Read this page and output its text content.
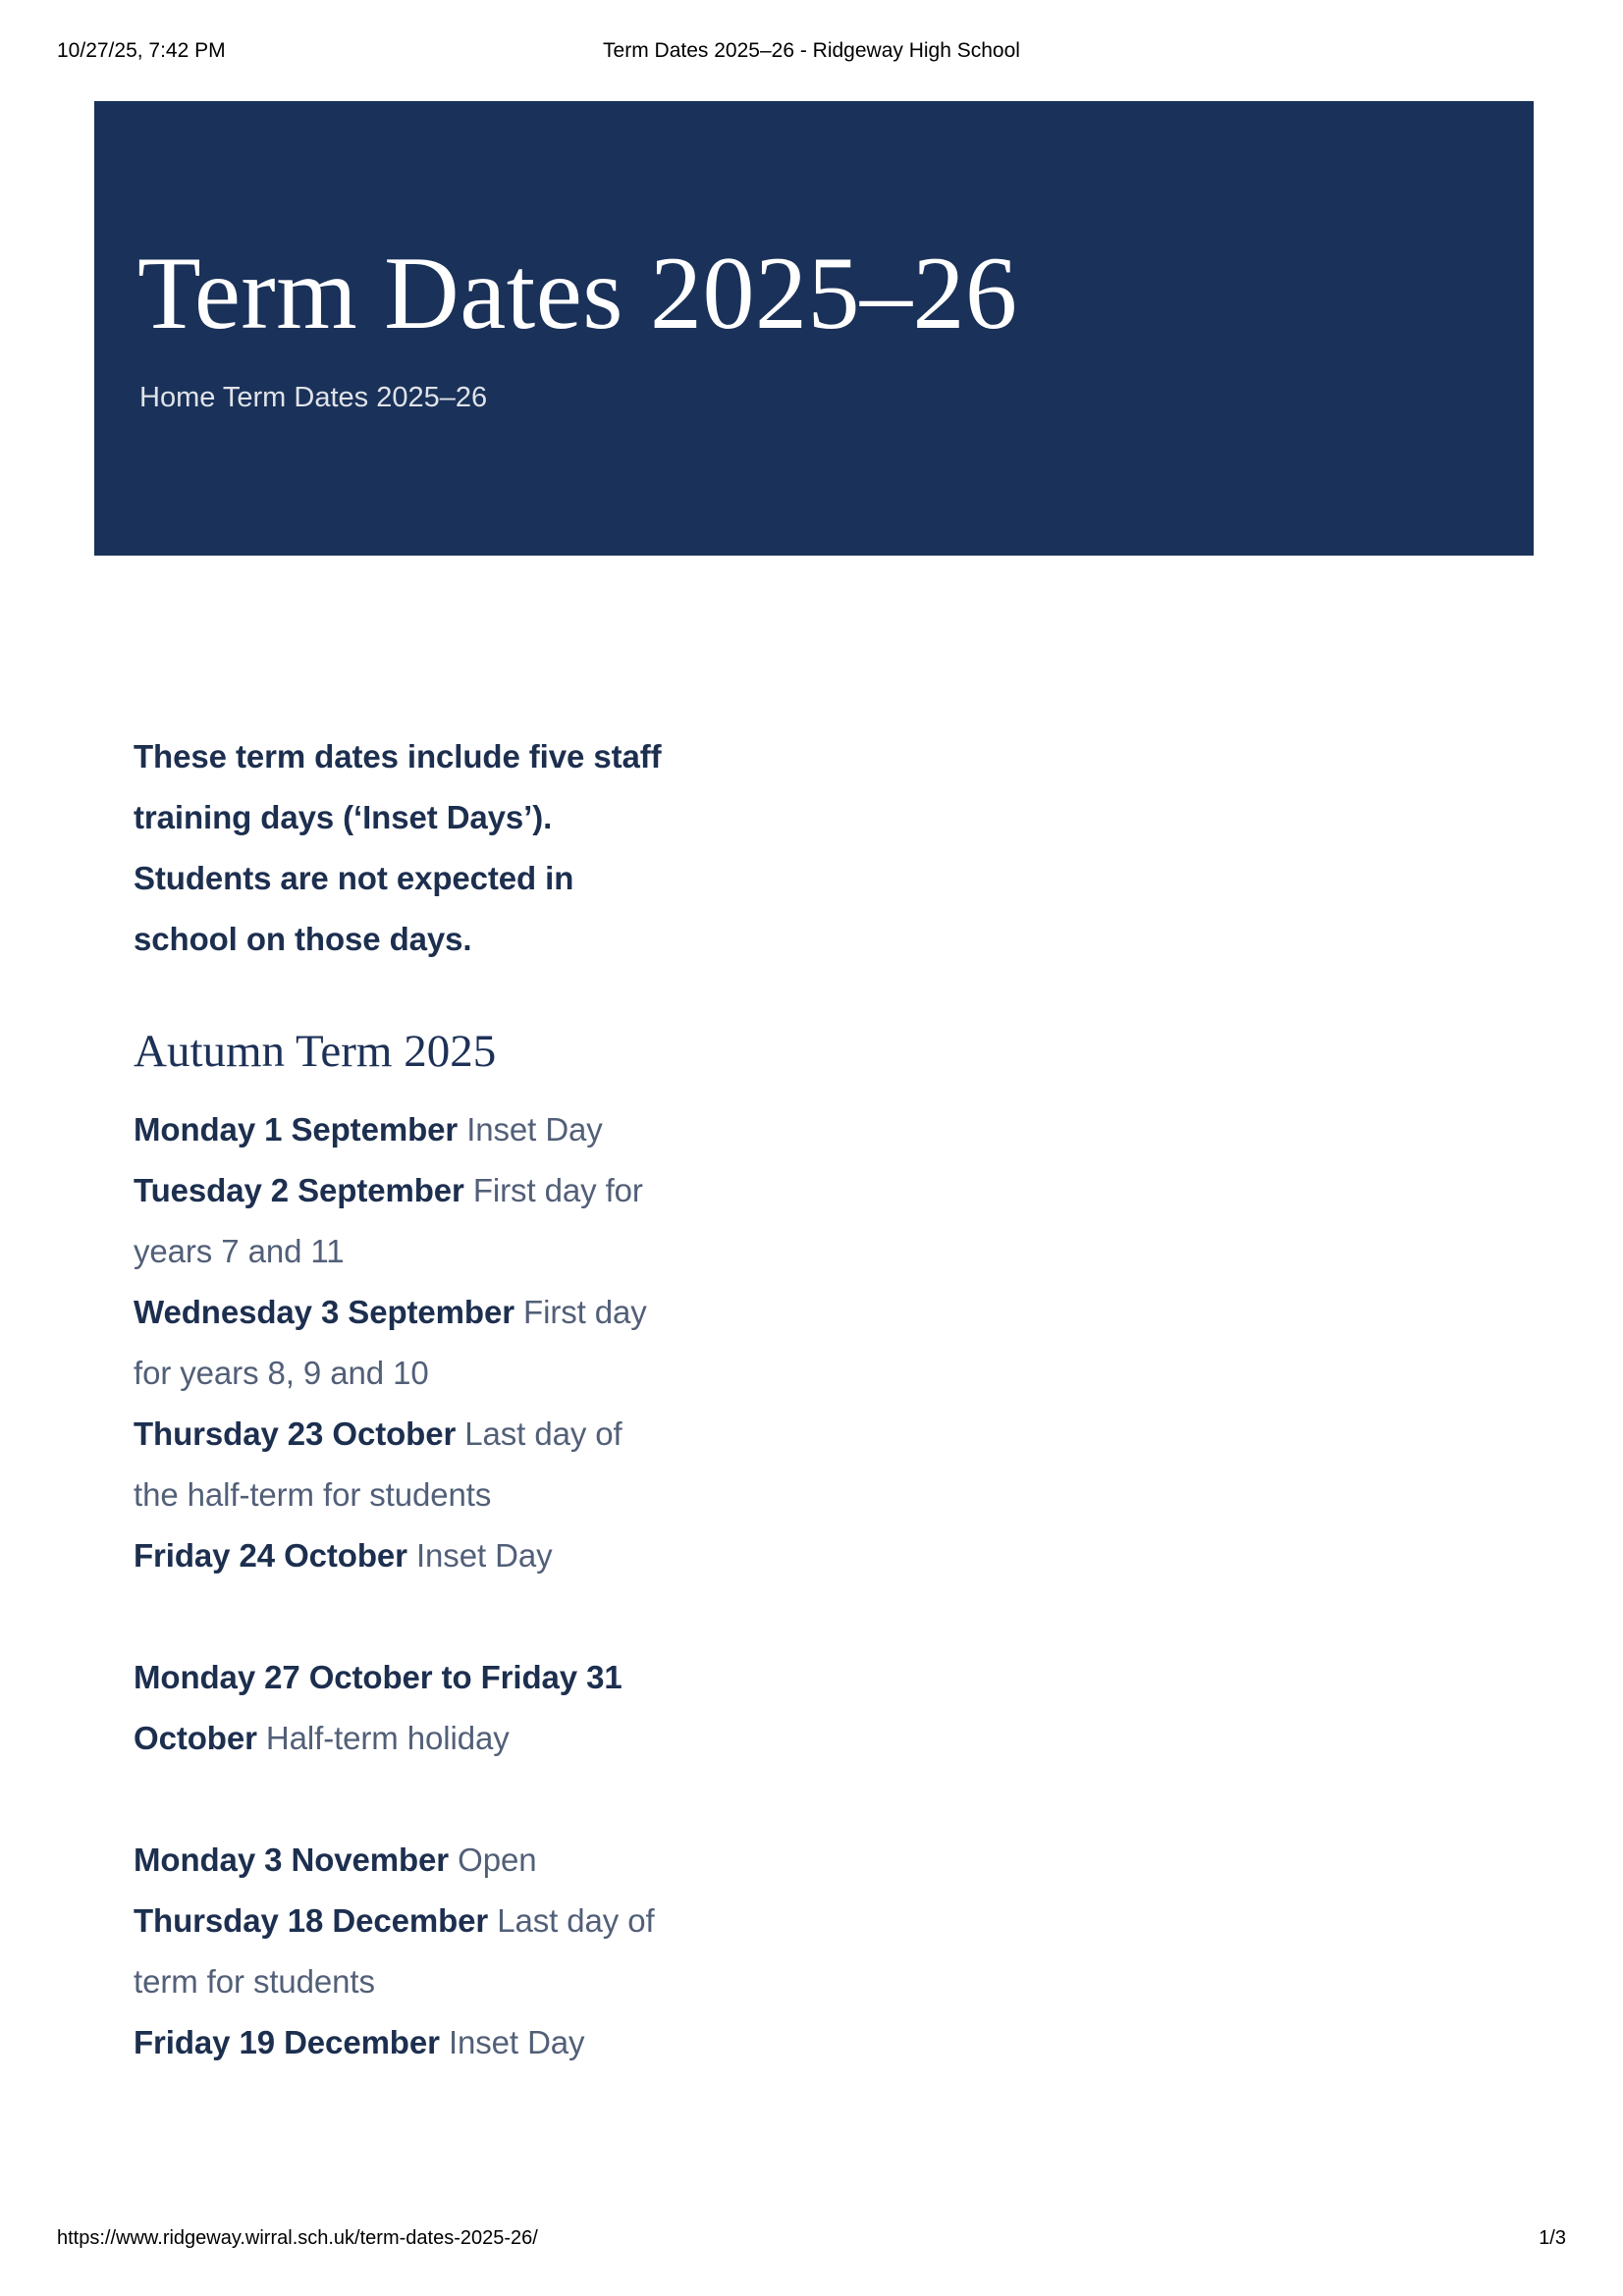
10/27/25, 7:42 PM	Term Dates 2025–26 - Ridgeway High School
Term Dates 2025–26
Home Term Dates 2025–26

These term dates include five staff training days (‘Inset Days’). Students are not expected in school on those days.

Autumn Term 2025

Monday 1 September Inset Day
Tuesday 2 September First day for years 7 and 11
Wednesday 3 September First day for years 8, 9 and 10
Thursday 23 October Last day of the half-term for students
Friday 24 October Inset Day

Monday 27 October to Friday 31 October Half-term holiday

Monday 3 November Open
Thursday 18 December Last day of term for students
Friday 19 December Inset Day

https://www.ridgeway.wirral.sch.uk/term-dates-2025-26/	1/3
